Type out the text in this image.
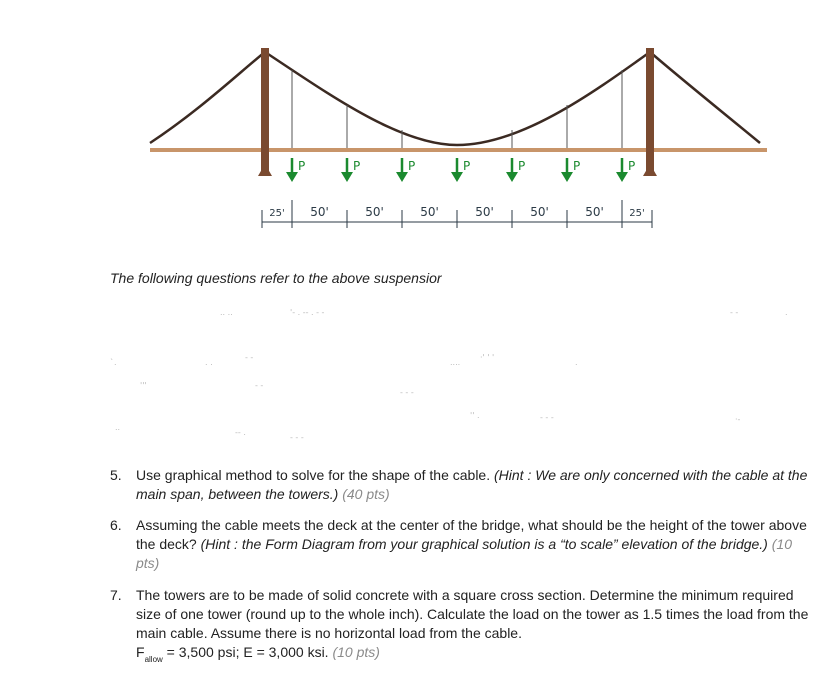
P	P	P	P	P	P	P
25' 50'	50'	50'	50'	50'	50'	25'
The following questions refer to the above suspensior
.. ..	'- . -- . - -	- -	.
`.	. .
- -
....
·' ' '
.
'''	- -
- - -
..
-- .
- - -
'' .	- - -	·-
5. Use graphical method to solve for the shape of the cable. (Hint : We are only concerned with the cable at the main span, between the towers.) (40 pts)
6. Assuming the cable meets the deck at the center of the bridge, what should be the height of the tower above the deck? (Hint : the Form Diagram from your graphical solution is a “to scale” elevation of the bridge.) (10 pts)
7. The towers are to be made of solid concrete with a square cross section. Determine the minimum required size of one tower (round up to the whole inch). Calculate the load on the tower as 1.5 times the load from the main cable. Assume there is no horizontal load from the cable.
$F_{allow} = 3,500$ psi; E = 3,000 ksi. (10 pts)
